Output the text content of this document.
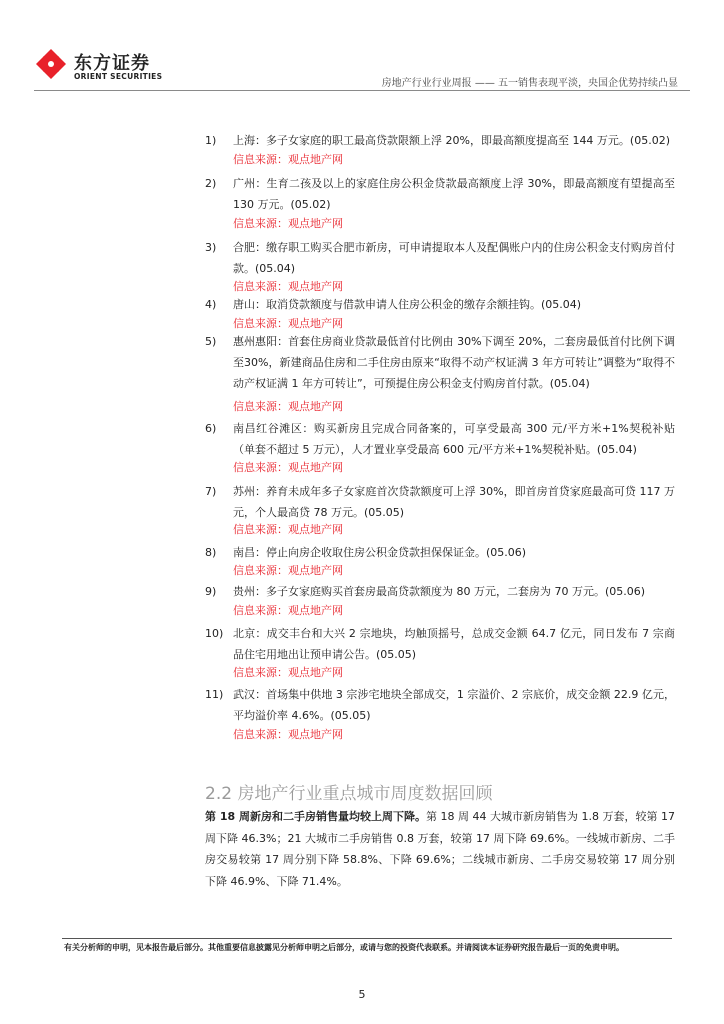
东方证券
ORIENT SECURITIES
房地产行业行业周报 —— 五一销售表现平淡，央国企优势持续凸显
1)	上海：多子女家庭的职工最高贷款限额上浮 20%，即最高额度提高至 144 万元。(05.02)
信息来源：观点地产网
2)	广州：生育二孩及以上的家庭住房公积金贷款最高额度上浮 30%，即最高额度有望提高至 130 万元。(05.02)
信息来源：观点地产网
3)	合肥：缴存职工购买合肥市新房，可申请提取本人及配偶账户内的住房公积金支付购房首付款。(05.04)
信息来源：观点地产网
4)	唐山：取消贷款额度与借款申请人住房公积金的缴存余额挂钩。(05.04)
信息来源：观点地产网
5)	惠州惠阳：首套住房商业贷款最低首付比例由 30%下调至 20%，二套房最低首付比例下调至30%，新建商品住房和二手住房由原来“取得不动产权证满 3 年方可转让”调整为“取得不动产权证满 1 年方可转让”，可预提住房公积金支付购房首付款。(05.04)
信息来源：观点地产网
6)	南昌红谷滩区：购买新房且完成合同备案的，可享受最高 300 元/平方米+1%契税补贴（单套不超过 5 万元），人才置业享受最高 600 元/平方米+1%契税补贴。(05.04)
信息来源：观点地产网
7)	苏州：养育未成年多子女家庭首次贷款额度可上浮 30%，即首房首贷家庭最高可贷 117 万元，个人最高贷 78 万元。(05.05)
信息来源：观点地产网
8)	南昌：停止向房企收取住房公积金贷款担保保证金。(05.06)
信息来源：观点地产网
9)	贵州：多子女家庭购买首套房最高贷款额度为 80 万元，二套房为 70 万元。(05.06)
信息来源：观点地产网
10) 北京：成交丰台和大兴 2 宗地块，均触顶摇号，总成交金额 64.7 亿元，同日发布 7 宗商品住宅用地出让预申请公告。(05.05)
信息来源：观点地产网
11) 武汉：首场集中供地 3 宗涉宅地块全部成交，1 宗溢价、2 宗底价，成交金额 22.9 亿元，平均溢价率 4.6%。(05.05)
信息来源：观点地产网
2.2 房地产行业重点城市周度数据回顾
第 18 周新房和二手房销售量均较上周下降。第 18 周 44 大城市新房销售为 1.8 万套，较第 17 周下降 46.3%；21 大城市二手房销售 0.8 万套，较第 17 周下降 69.6%。一线城市新房、二手房交易较第 17 周分别下降 58.8%、下降 69.6%；二线城市新房、二手房交易较第 17 周分别下降 46.9%、下降 71.4%。
有关分析师的申明，见本报告最后部分。其他重要信息披露见分析师申明之后部分，或请与您的投资代表联系。并请阅读本证券研究报告最后一页的免责申明。
5
